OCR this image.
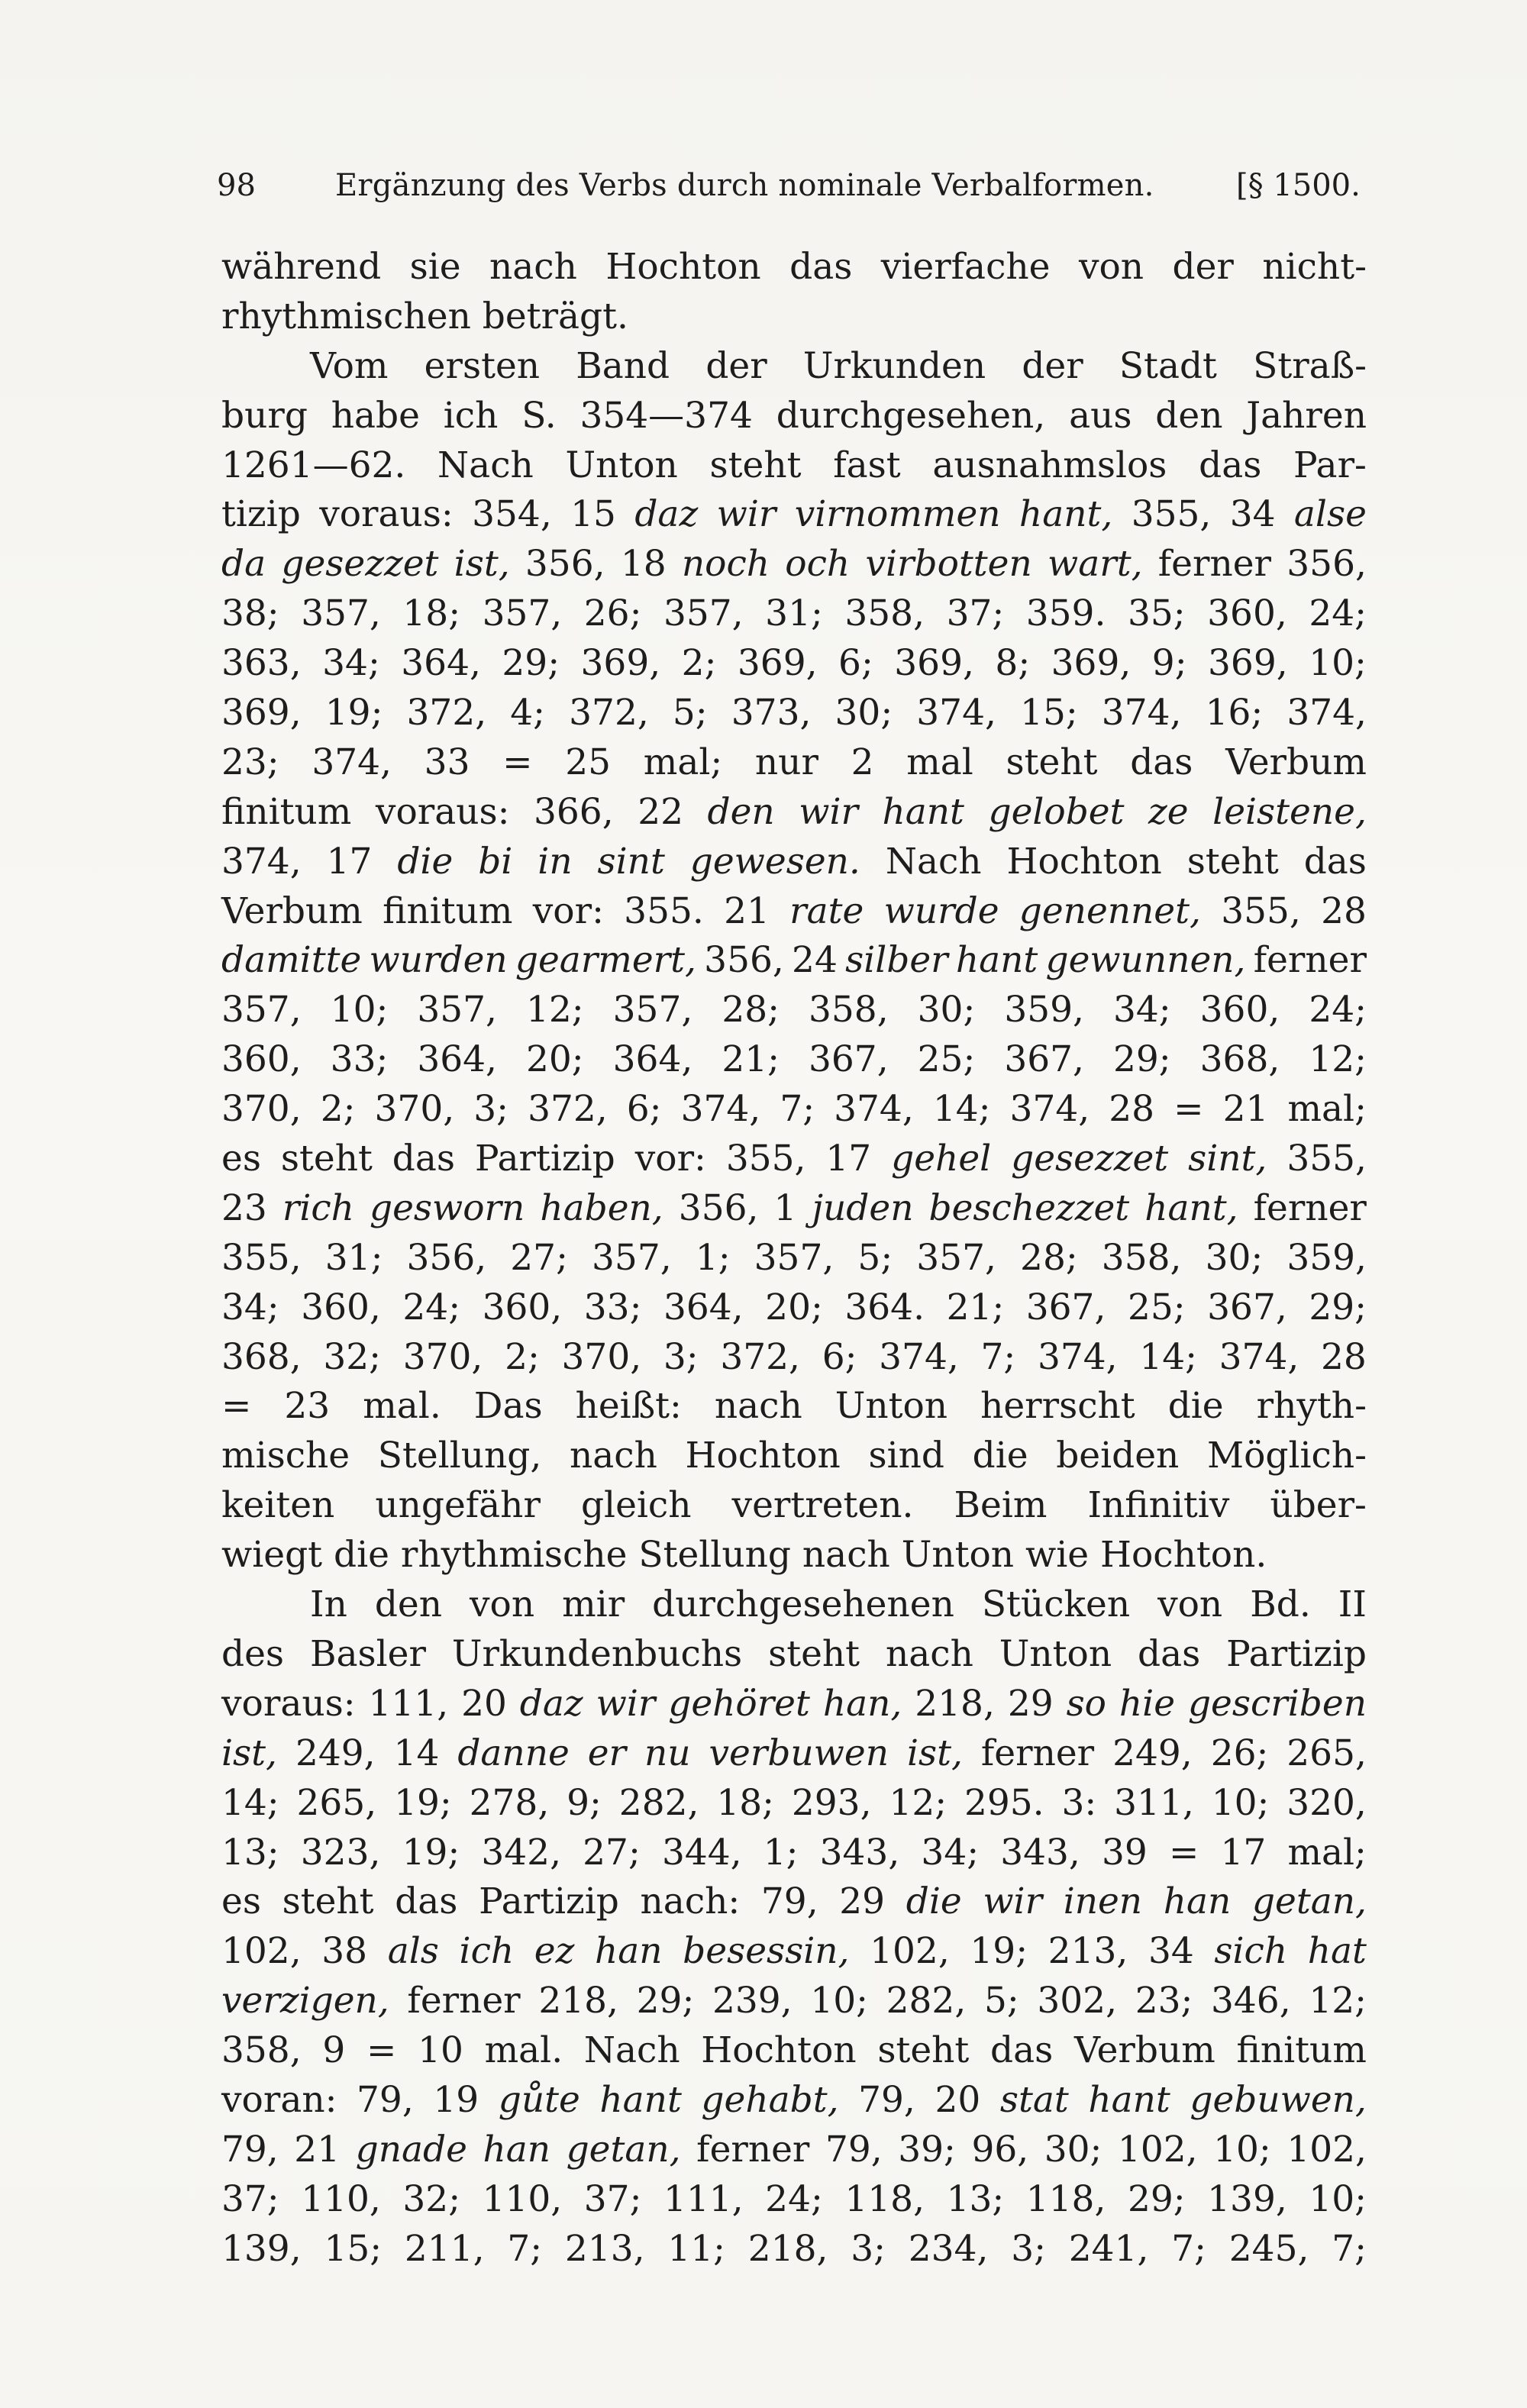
98	Ergänzung des Verbs durch nominale Verbalformen.	[§ 1500.
während sie nach Hochton das vierfache von der nicht-
rhythmischen beträgt.
Vom ersten Band der Urkunden der Stadt Straß-
burg habe ich S. 354—374 durchgesehen, aus den Jahren
1261—62. Nach Unton steht fast ausnahmslos das Par-
tizip voraus: 354, 15 daz wir virnommen hant, 355, 34 alse
da gesezzet ist, 356, 18 noch och virbotten wart, ferner 356,
38; 357, 18; 357, 26; 357, 31; 358, 37; 359. 35; 360, 24;
363, 34; 364, 29; 369, 2; 369, 6; 369, 8; 369, 9; 369, 10;
369, 19; 372, 4; 372, 5; 373, 30; 374, 15; 374, 16; 374,
23; 374, 33 = 25 mal; nur 2 mal steht das Verbum
finitum voraus: 366, 22 den wir hant gelobet ze leistene,
374, 17 die bi in sint gewesen. Nach Hochton steht das
Verbum finitum vor: 355. 21 rate wurde genennet, 355, 28
damitte wurden gearmert, 356, 24 silber hant gewunnen, ferner
357, 10; 357, 12; 357, 28; 358, 30; 359, 34; 360, 24;
360, 33; 364, 20; 364, 21; 367, 25; 367, 29; 368, 12;
370, 2; 370, 3; 372, 6; 374, 7; 374, 14; 374, 28 = 21 mal;
es steht das Partizip vor: 355, 17 gehel gesezzet sint, 355,
23 rich gesworn haben, 356, 1 juden beschezzet hant, ferner
355, 31; 356, 27; 357, 1; 357, 5; 357, 28; 358, 30; 359,
34; 360, 24; 360, 33; 364, 20; 364. 21; 367, 25; 367, 29;
368, 32; 370, 2; 370, 3; 372, 6; 374, 7; 374, 14; 374, 28
= 23 mal. Das heißt: nach Unton herrscht die rhyth-
mische Stellung, nach Hochton sind die beiden Möglich-
keiten ungefähr gleich vertreten. Beim Infinitiv über-
wiegt die rhythmische Stellung nach Unton wie Hochton.
In den von mir durchgesehenen Stücken von Bd. II
des Basler Urkundenbuchs steht nach Unton das Partizip
voraus: 111, 20 daz wir gehöret han, 218, 29 so hie gescriben
ist, 249, 14 danne er nu verbuwen ist, ferner 249, 26; 265,
14; 265, 19; 278, 9; 282, 18; 293, 12; 295. 3: 311, 10; 320,
13; 323, 19; 342, 27; 344, 1; 343, 34; 343, 39 = 17 mal;
es steht das Partizip nach: 79, 29 die wir inen han getan,
102, 38 als ich ez han besessin, 102, 19; 213, 34 sich hat
verzigen, ferner 218, 29; 239, 10; 282, 5; 302, 23; 346, 12;
358, 9 = 10 mal. Nach Hochton steht das Verbum finitum
voran: 79, 19 gůte hant gehabt, 79, 20 stat hant gebuwen,
79, 21 gnade han getan, ferner 79, 39; 96, 30; 102, 10; 102,
37; 110, 32; 110, 37; 111, 24; 118, 13; 118, 29; 139, 10;
139, 15; 211, 7; 213, 11; 218, 3; 234, 3; 241, 7; 245, 7;
